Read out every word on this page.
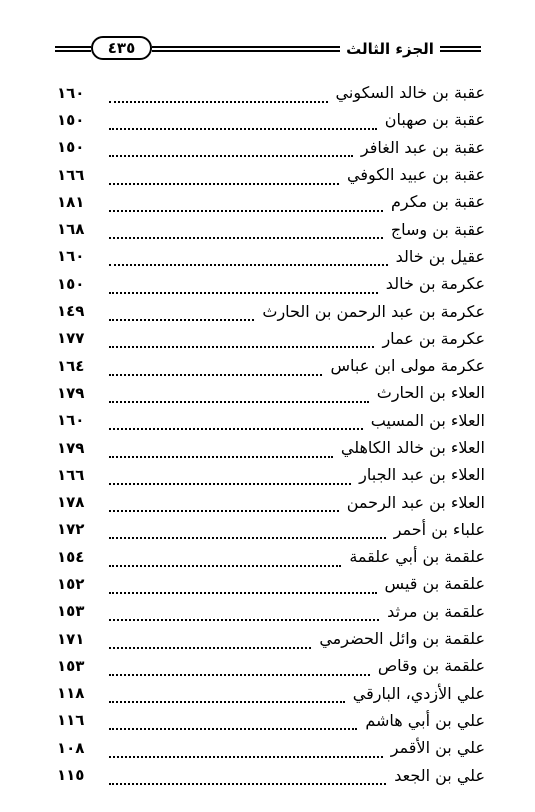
٤٣٥	الجزء الثالث
عقبة بن خالد السكوني
١٦٠
عقبة بن صهبان
١٥٠
عقبة بن عبد الغافر
١٥٠
عقبة بن عبيد الكوفي
١٦٦
عقبة بن مكرم
١٨١
عقبة بن وساج
١٦٨
عقيل بن خالد
١٦٠
عكرمة بن خالد
١٥٠
عكرمة بن عبد الرحمن بن الحارث
١٤٩
عكرمة بن عمار
١٧٧
عكرمة مولى ابن عباس
١٦٤
العلاء بن الحارث
١٧٩
العلاء بن المسيب
١٦٠
العلاء بن خالد الكاهلي
١٧٩
العلاء بن عبد الجبار
١٦٦
العلاء بن عبد الرحمن
١٧٨
علباء بن أحمر
١٧٢
علقمة بن أبي علقمة
١٥٤
علقمة بن قيس
١٥٢
علقمة بن مرثد
١٥٣
علقمة بن وائل الحضرمي
١٧١
علقمة بن وقاص
١٥٣
علي الأزدي، البارقي
١١٨
علي بن أبي هاشم
١١٦
علي بن الأقمر
١٠٨
علي بن الجعد
١١٥
